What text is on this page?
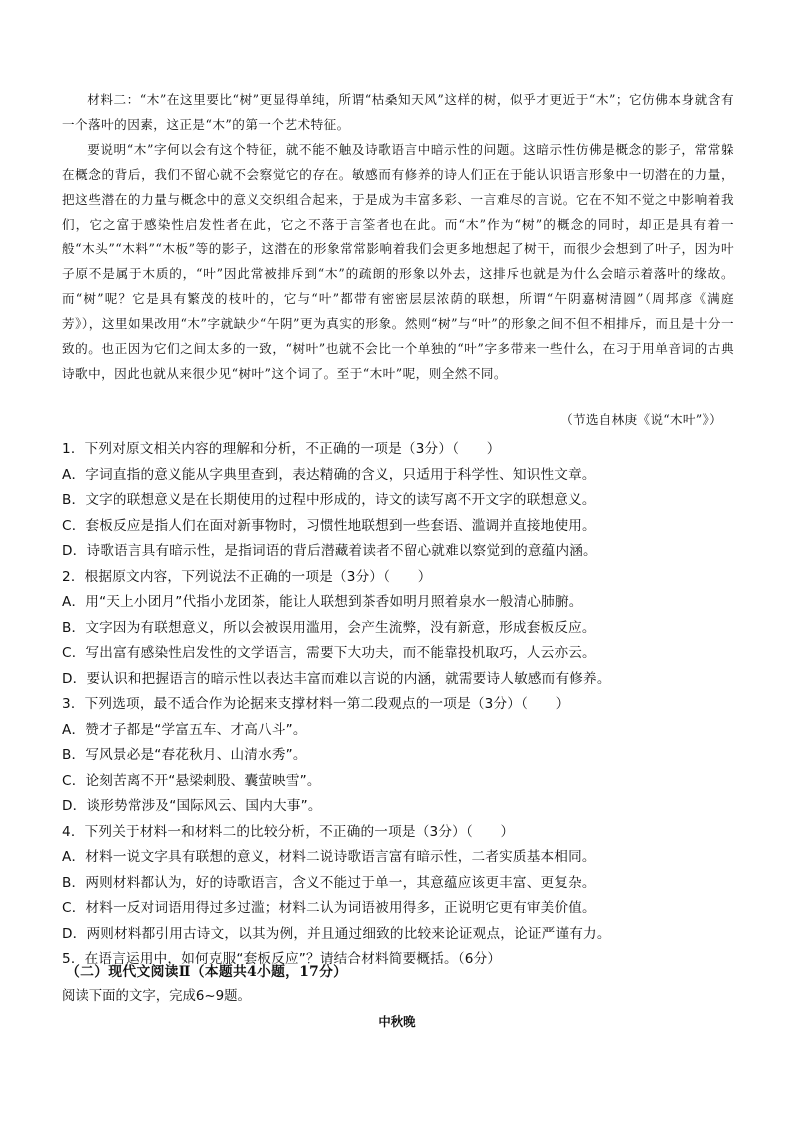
材料二：“木”在这里要比“树”更显得单纯，所谓“枯桑知天风”这样的树，似乎才更近于“木”；它仿佛本身就含有一个落叶的因素，这正是“木”的第一个艺术特征。

要说明“木”字何以会有这个特征，就不能不触及诗歌语言中暗示性的问题。这暗示性仿佛是概念的影子，常常躲在概念的背后，我们不留心就不会察觉它的存在。敏感而有修养的诗人们正在于能认识语言形象中一切潜在的力量，把这些潜在的力量与概念中的意义交织组合起来，于是成为丰富多彩、一言难尽的言说。它在不知不觉之中影响着我们，它之富于感染性启发性者在此，它之不落于言筌者也在此。而“木”作为“树”的概念的同时，却正是具有着一般“木头”“木料”“木板”等的影子，这潜在的形象常常影响着我们会更多地想起了树干，而很少会想到了叶子，因为叶子原不是属于木质的，“叶”因此常被排斥到“木”的疏朗的形象以外去，这排斥也就是为什么会暗示着落叶的缘故。而“树”呢？它是具有繁茂的枝叶的，它与“叶”都带有密密层层浓荫的联想，所谓“午阴嘉树清圆”（周邦彦《满庭芳》），这里如果改用“木”字就缺少“午阴”更为真实的形象。然则“树”与“叶”的形象之间不但不相排斥，而且是十分一致的。也正因为它们之间太多的一致，“树叶”也就不会比一个单独的“叶”字多带来一些什么，在习于用单音词的古典诗歌中，因此也就从来很少见“树叶”这个词了。至于“木叶”呢，则全然不同。

（节选自林庚《说“木叶”》）
1．下列对原文相关内容的理解和分析，不正确的一项是（3分）（　　）
A．字词直指的意义能从字典里查到，表达精确的含义，只适用于科学性、知识性文章。
B．文字的联想意义是在长期使用的过程中形成的，诗文的读写离不开文字的联想意义。
C．套板反应是指人们在面对新事物时，习惯性地联想到一些套语、滥调并直接地使用。
D．诗歌语言具有暗示性，是指词语的背后潜藏着读者不留心就难以察觉到的意蕴内涵。
2．根据原文内容，下列说法不正确的一项是（3分）（　　）
A．用“天上小团月”代指小龙团茶，能让人联想到茶香如明月照着泉水一般清心肺腑。
B．文字因为有联想意义，所以会被误用滥用，会产生流弊，没有新意，形成套板反应。
C．写出富有感染性启发性的文学语言，需要下大功夫，而不能靠投机取巧，人云亦云。
D．要认识和把握语言的暗示性以表达丰富而难以言说的内涵，就需要诗人敏感而有修养。
3．下列选项，最不适合作为论据来支撑材料一第二段观点的一项是（3分）（　　）
A．赞才子都是“学富五车、才高八斗”。
B．写风景必是“春花秋月、山清水秀”。
C．论刻苦离不开“悬梁刺股、囊萤映雪”。
D．谈形势常涉及“国际风云、国内大事”。
4．下列关于材料一和材料二的比较分析，不正确的一项是（3分）（　　）
A．材料一说文字具有联想的意义，材料二说诗歌语言富有暗示性，二者实质基本相同。
B．两则材料都认为，好的诗歌语言，含义不能过于单一，其意蕴应该更丰富、更复杂。
C．材料一反对词语用得过多过滥；材料二认为词语被用得多，正说明它更有审美价值。
D．两则材料都引用古诗文，以其为例，并且通过细致的比较来论证观点，论证严谨有力。
5．在语言运用中，如何克服“套板反应”？请结合材料简要概括。（6分）
（二）现代文阅读Ⅱ（本题共4小题，17分）
阅读下面的文字，完成6~9题。
中秋晚
